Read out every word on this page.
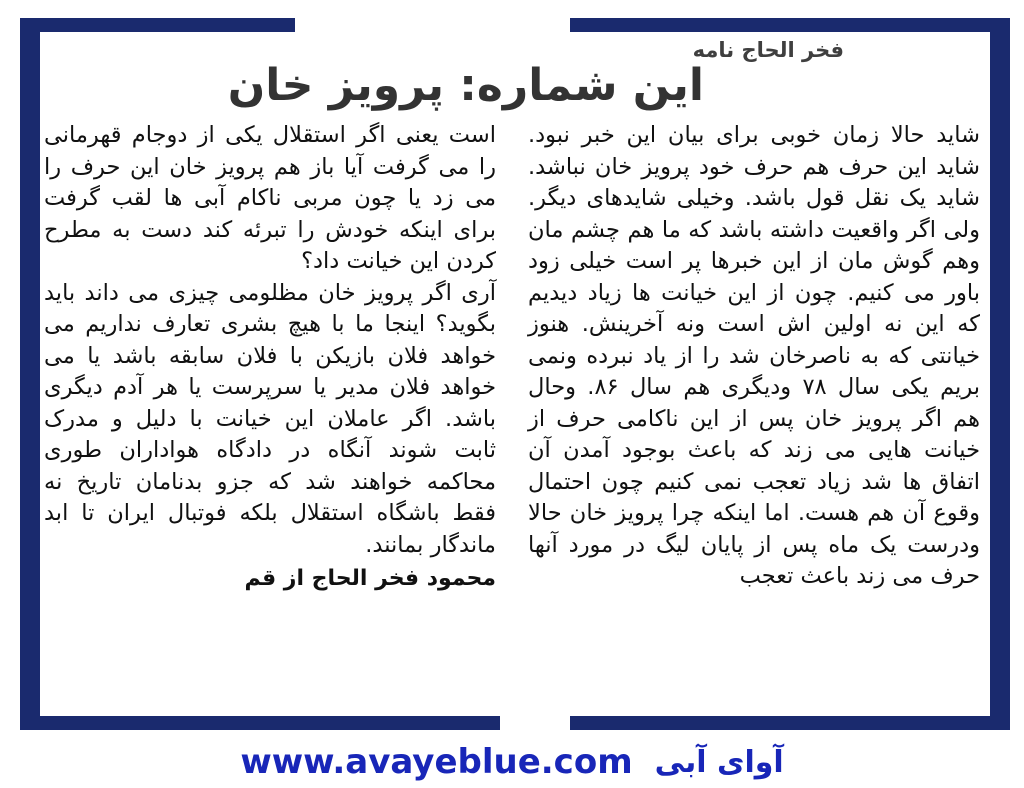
فخر الحاج نامه
این شماره: پرویز خان

شاید حالا زمان خوبی برای بیان این خبر نبود. شاید این حرف هم حرف خود پرویز خان نباشد. شاید یک نقل قول باشد. وخیلی شایدهای دیگر. ولی اگر واقعیت داشته باشد که ما هم چشم مان وهم گوش مان از این خبرها پر است خیلی زود باور می کنیم. چون از این خیانت ها زیاد دیدیم که این نه اولین اش است ونه آخرینش. هنوز خیانتی که به ناصرخان شد را از یاد نبرده ونمی بریم یکی سال ۷۸ ودیگری هم سال ۸۶. وحال هم اگر پرویز خان پس از این ناکامی حرف از خیانت هایی می زند که باعث بوجود آمدن آن اتفاق ها شد زیاد تعجب نمی کنیم چون احتمال وقوع آن هم هست. اما اینکه چرا پرویز خان حالا ودرست یک ماه پس از پایان لیگ در مورد آنها حرف می زند باعث تعجب

است یعنی اگر استقلال یکی از دوجام قهرمانی را می گرفت آیا باز هم پرویز خان این حرف را می زد یا چون مربی ناکام آبی ها لقب گرفت برای اینکه خودش را تبرئه کند دست به مطرح کردن این خیانت داد؟

آری اگر پرویز خان مظلومی چیزی می داند باید بگوید؟ اینجا ما با هیچ بشری تعارف نداریم می خواهد فلان بازیکن با فلان سابقه باشد یا می خواهد فلان مدیر یا سرپرست یا هر آدم دیگری باشد. اگر عاملان این خیانت با دلیل و مدرک ثابت شوند آنگاه در دادگاه هواداران طوری محاکمه خواهند شد که جزو بدنامان تاریخ نه فقط باشگاه استقلال بلکه فوتبال ایران تا ابد ماندگار بمانند.

محمود فخر الحاج از قم
www.avayeblue.com آوای آبی
